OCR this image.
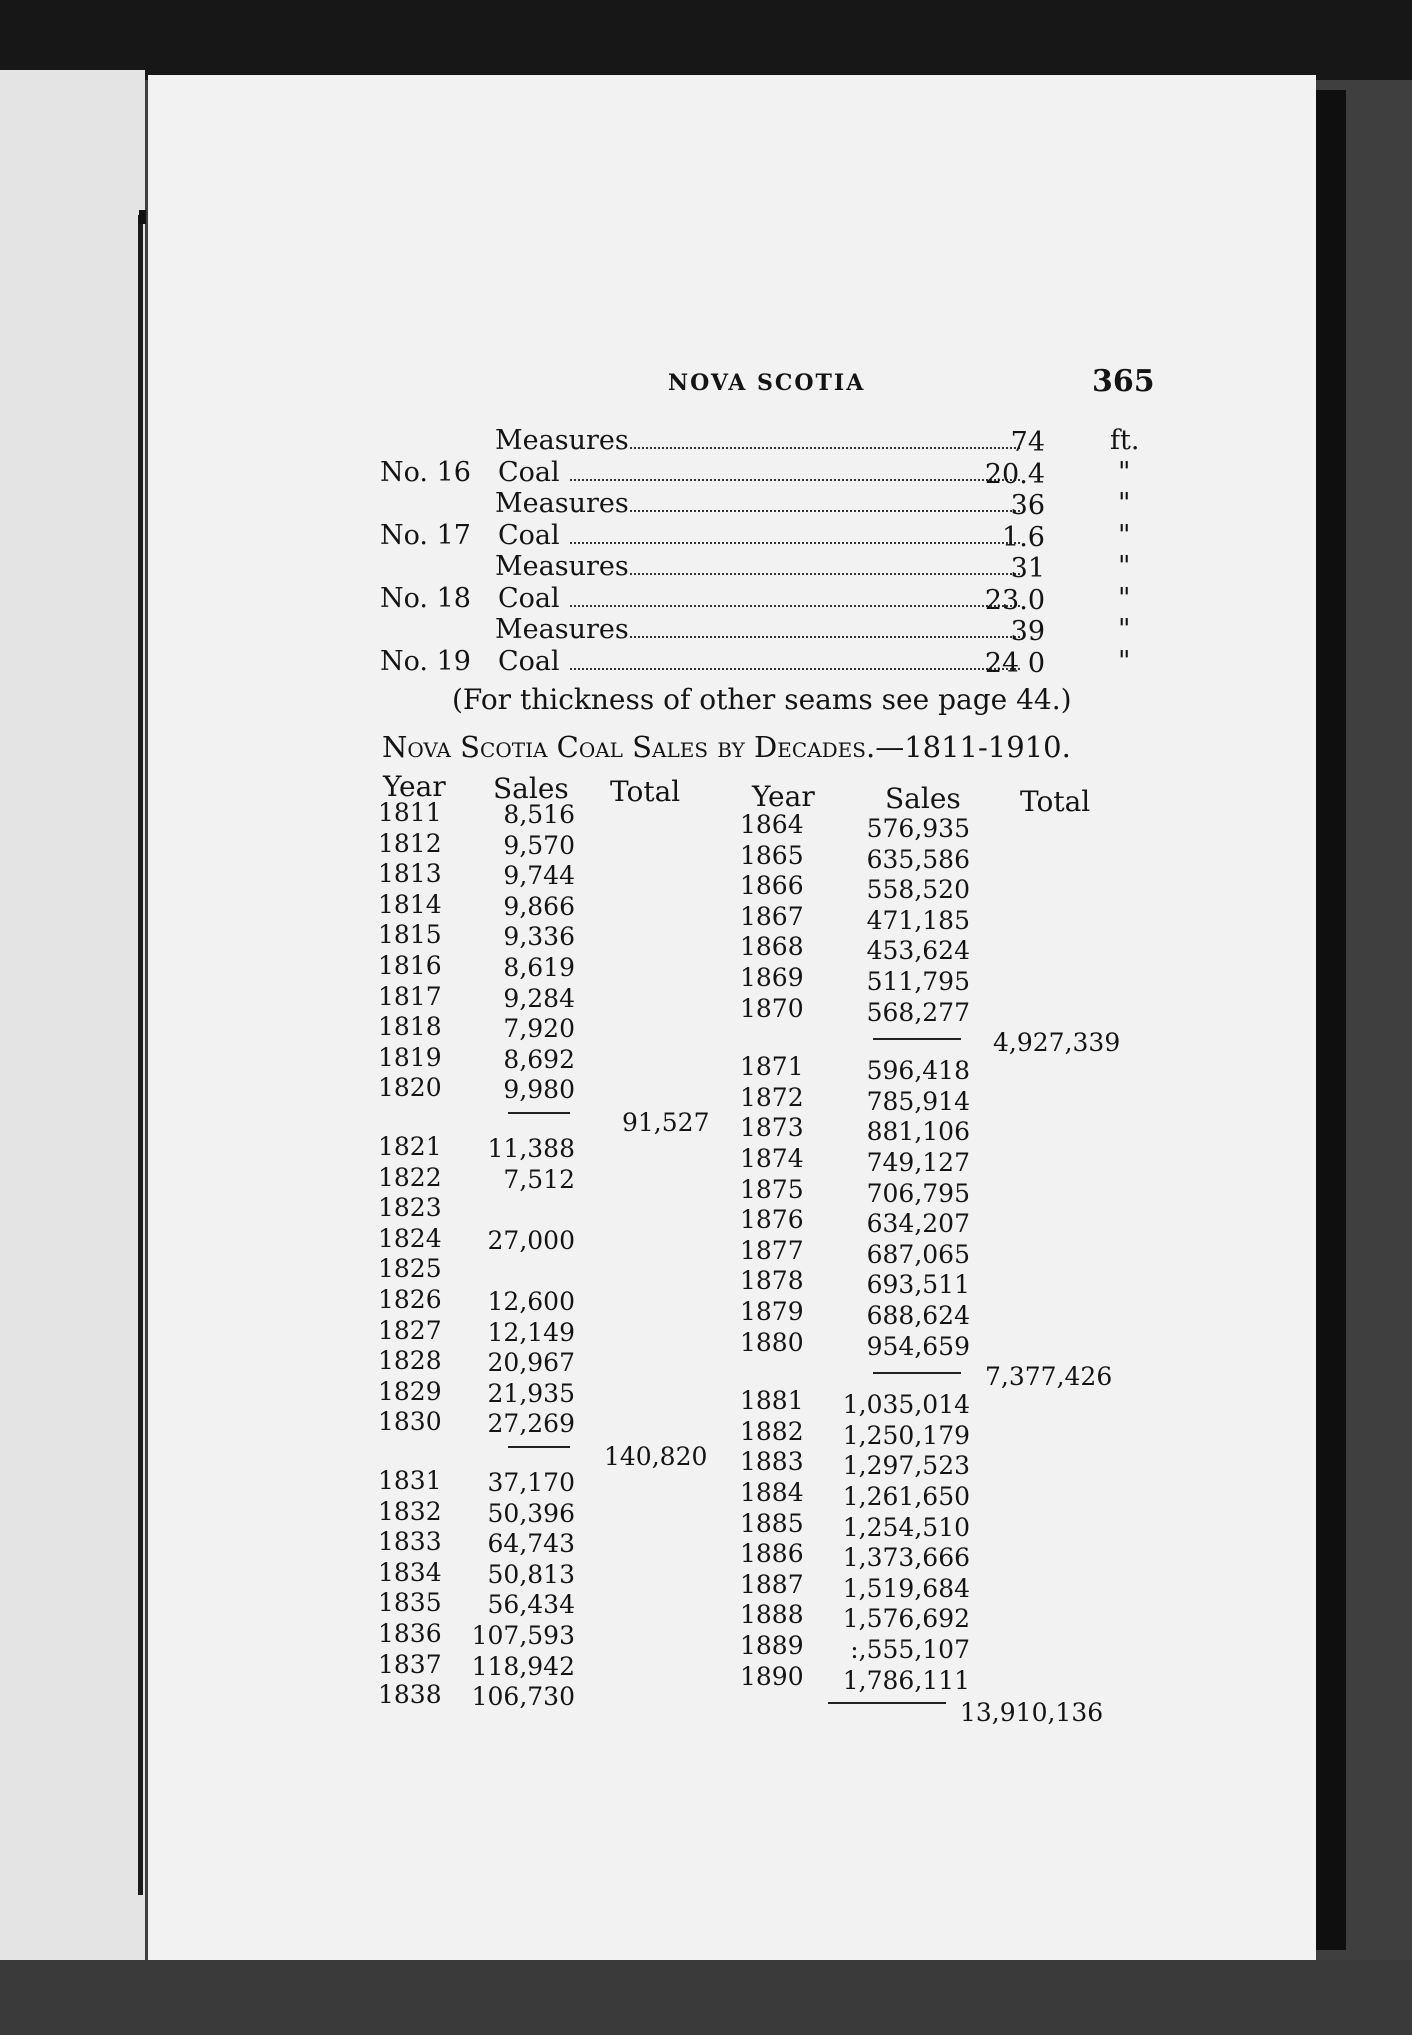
NOVA SCOTIA	365
Measures	74 ft.
No. 16 Coal	20.4	"
Measures	36	"
No. 17 Coal	1.6	"
Measures	31	"
No. 18 Coal	23.0	"
Measures	39	"
No. 19 Coal	24 0	"
(For thickness of other seams see page 44.)
Nova Scotia Coal Sales by Decades.—1811-1910.
Year Sales Total	Year	Sales Total
1811	8,516
1812	9,570
1813	9,744
1814	9,866
1815	9,336
1816	8,619
1817	9,284
1818	7,920
1819	8,692
1820	9,980
91,527
1821	11,388
1822	7,512
1823
1824	27,000
1825
1826	12,600
1827	12,149
1828	20,967
1829	21,935
1830	27,269
140,820
1831	37,170
1832	50,396
1833	64,743
1834	50,813
1835	56,434
1836 107,593
1837 118,942
1838 106,730
1864	576,935
1865	635,586
1866	558,520
1867	471,185
1868	453,624
1869	511,795
1870	568,277
4,927,339
1871	596,418
1872	785,914
1873	881,106
1874	749,127
1875	706,795
1876	634,207
1877	687,065
1878	693,511
1879	688,624
1880	954,659
7,377,426
1881	1,035,014
1882	1,250,179
1883	1,297,523
1884	1,261,650
1885	1,254,510
1886	1,373,666
1887	1,519,684
1888	1,576,692
1889	:,555,107
1890	1,786,111
13,910,136
